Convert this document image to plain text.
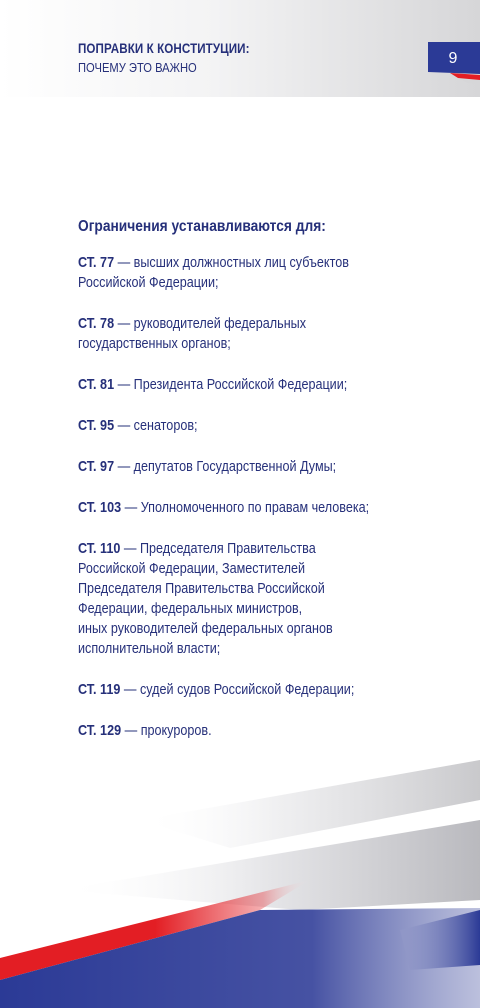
ПОПРАВКИ К КОНСТИТУЦИИ:
ПОЧЕМУ ЭТО ВАЖНО
9
Ограничения устанавливаются для:
СТ. 77 — высших должностных лиц субъектов
Российской Федерации;
СТ. 78 — руководителей федеральных
государственных органов;
СТ. 81 — Президента Российской Федерации;
СТ. 95 — сенаторов;
СТ. 97 — депутатов Государственной Думы;
СТ. 103 — Уполномоченного по правам человека;
СТ. 110 — Председателя Правительства
Российской Федерации, Заместителей
Председателя Правительства Российской
Федерации, федеральных министров,
иных руководителей федеральных органов
исполнительной власти;
СТ. 119 — судей судов Российской Федерации;
СТ. 129 — прокуроров.
